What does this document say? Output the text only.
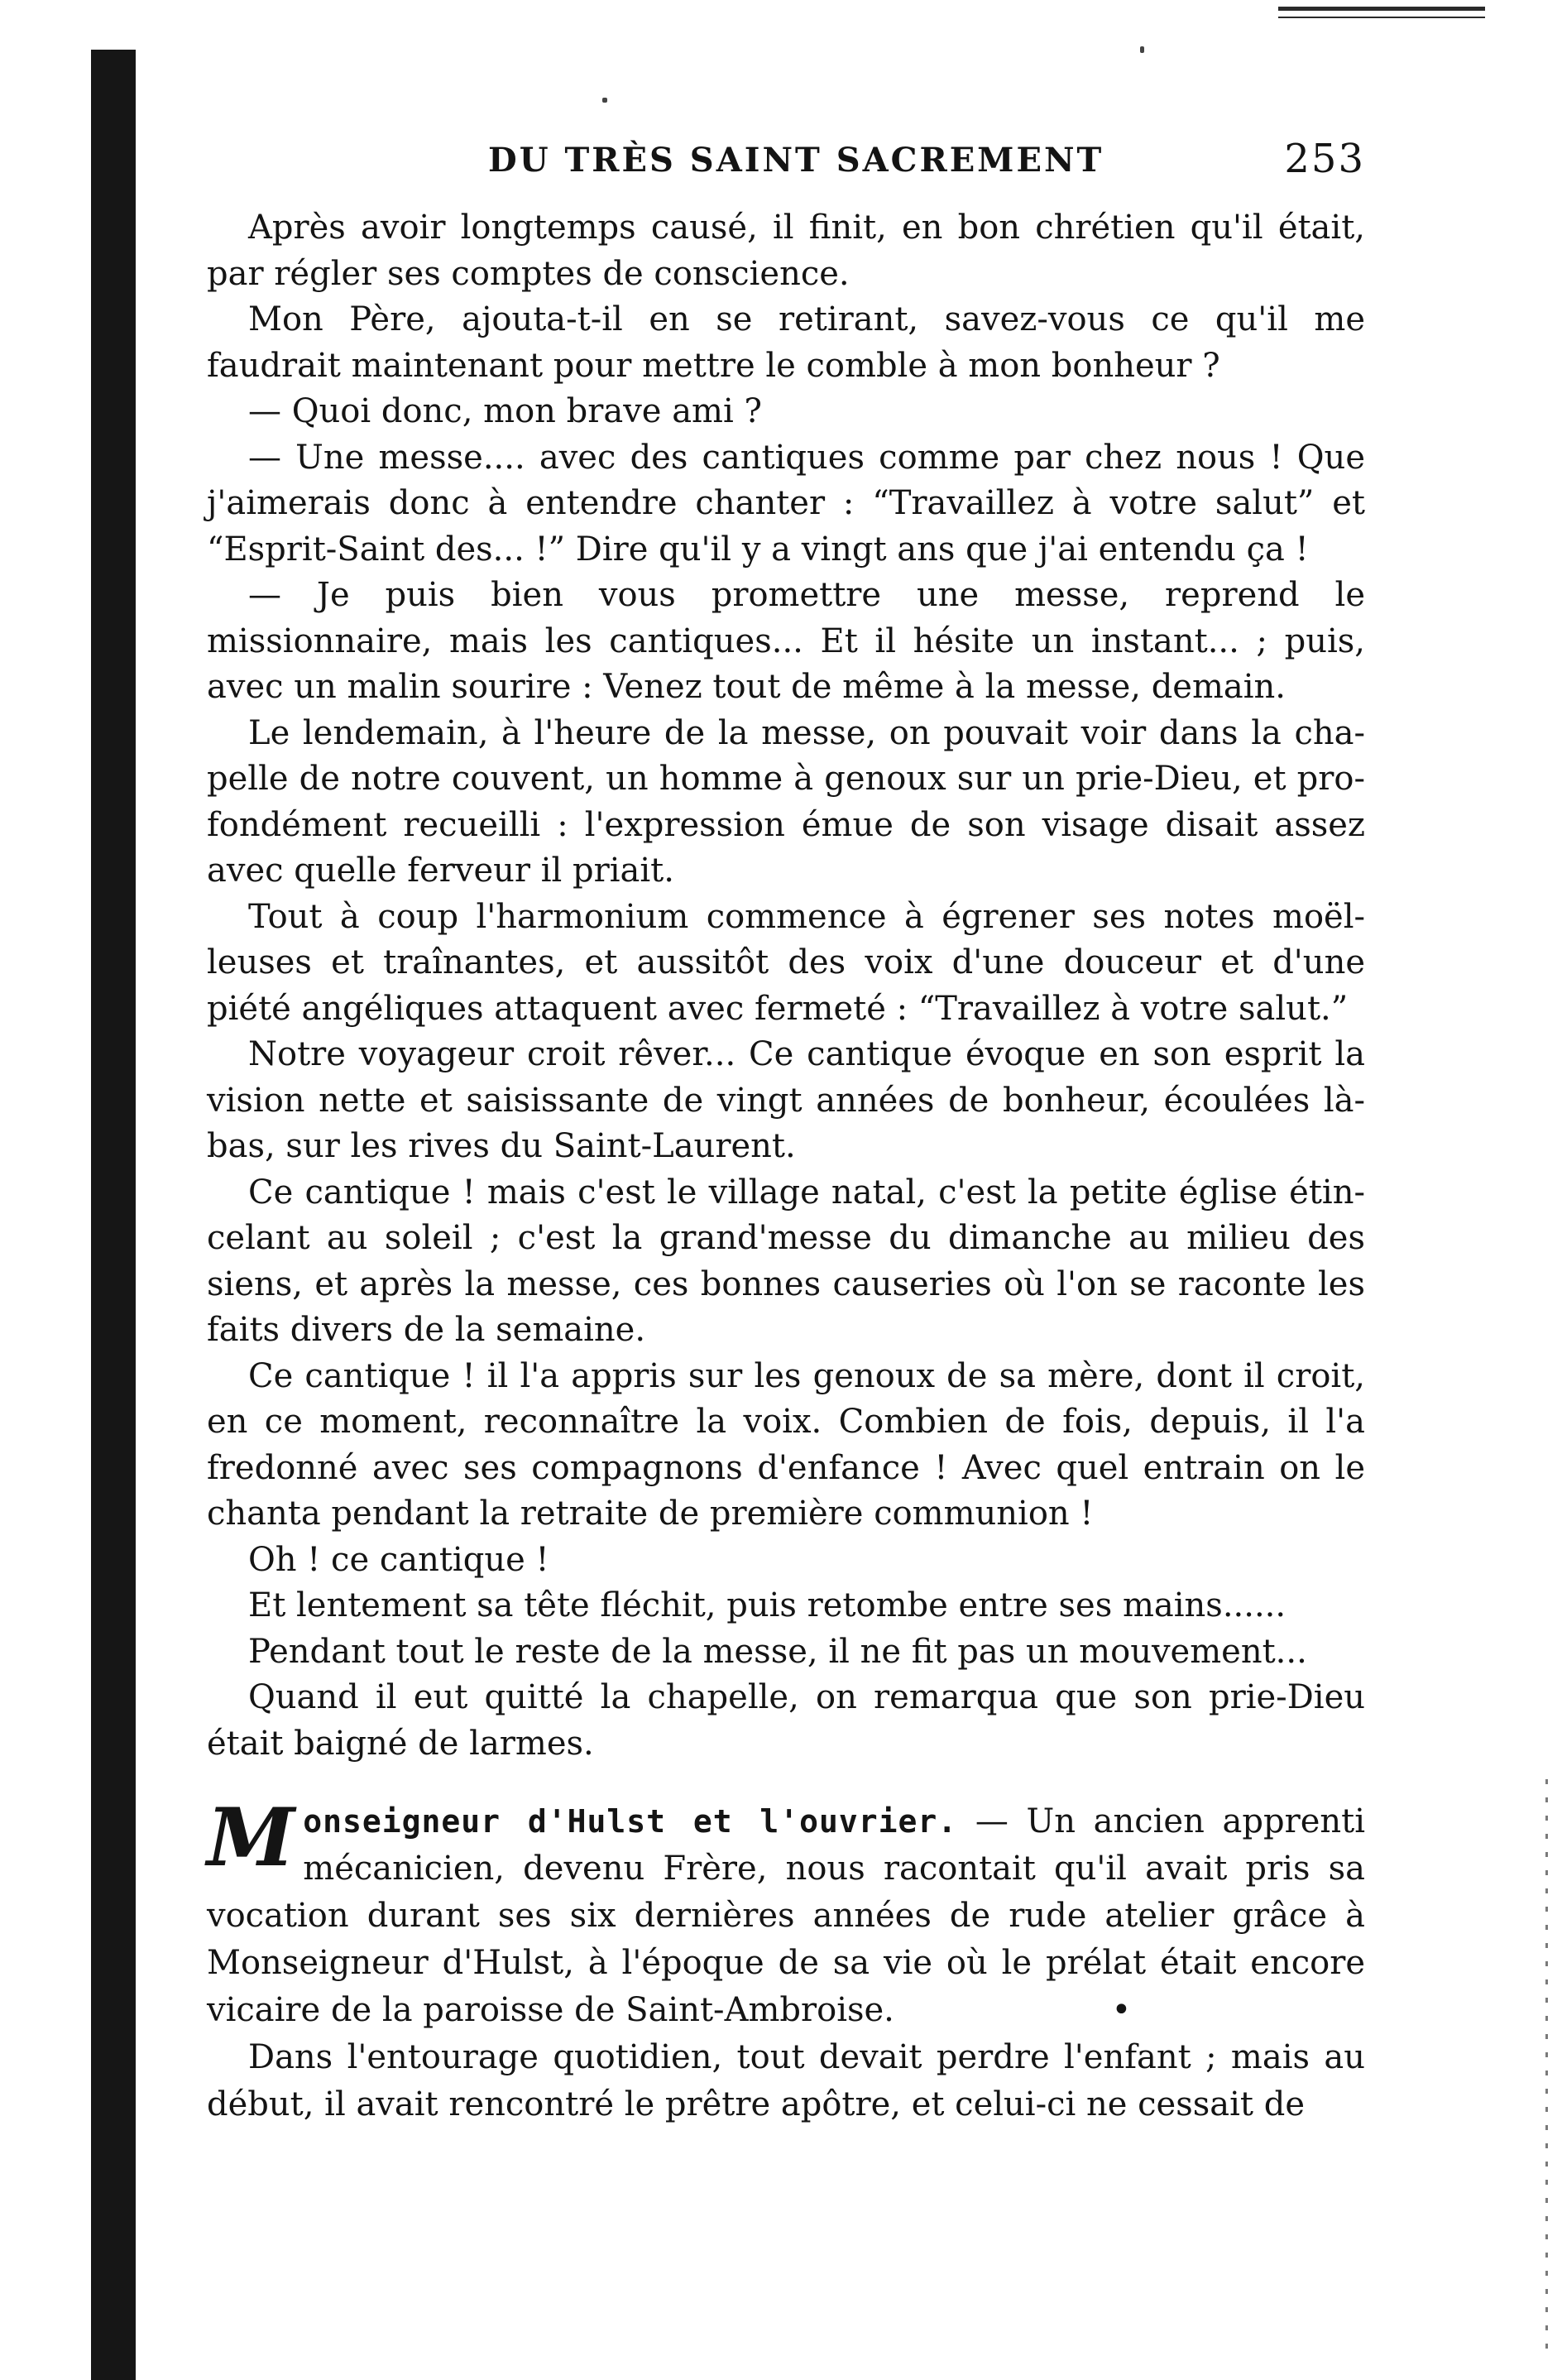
DU TRÈS SAINT SACREMENT	253

Après avoir longtemps causé, il finit, en bon chrétien qu'il était, par régler ses comptes de conscience.

Mon Père, ajouta-t-il en se retirant, savez-vous ce qu'il me faudrait maintenant pour mettre le comble à mon bonheur ?

— Quoi donc, mon brave ami ?

— Une messe.... avec des cantiques comme par chez nous ! Que j'aimerais donc à entendre chanter : “Travaillez à votre salut” et “Esprit-Saint des... !” Dire qu'il y a vingt ans que j'ai entendu ça !

— Je puis bien vous promettre une messe, reprend le missionnaire, mais les cantiques... Et il hésite un instant... ; puis, avec un malin sourire : Venez tout de même à la messe, demain.

Le lendemain, à l'heure de la messe, on pouvait voir dans la chapelle de notre couvent, un homme à genoux sur un prie-Dieu, et profondément recueilli : l'expression émue de son visage disait assez avec quelle ferveur il priait.

Tout à coup l'harmonium commence à égrener ses notes moëlleuses et traînantes, et aussitôt des voix d'une douceur et d'une piété angéliques attaquent avec fermeté : “Travaillez à votre salut.”

Notre voyageur croit rêver... Ce cantique évoque en son esprit la vision nette et saisissante de vingt années de bonheur, écoulées là-bas, sur les rives du Saint-Laurent.

Ce cantique ! mais c'est le village natal, c'est la petite église étincelant au soleil ; c'est la grand'messe du dimanche au milieu des siens, et après la messe, ces bonnes causeries où l'on se raconte les faits divers de la semaine.

Ce cantique ! il l'a appris sur les genoux de sa mère, dont il croit, en ce moment, reconnaître la voix. Combien de fois, depuis, il l'a fredonné avec ses compagnons d'enfance ! Avec quel entrain on le chanta pendant la retraite de première communion !

Oh ! ce cantique !

Et lentement sa tête fléchit, puis retombe entre ses mains......

Pendant tout le reste de la messe, il ne fit pas un mouvement...

Quand il eut quitté la chapelle, on remarqua que son prie-Dieu était baigné de larmes.

Monseigneur d'Hulst et l'ouvrier. — Un ancien apprenti mécanicien, devenu Frère, nous racontait qu'il avait pris sa vocation durant ses six dernières années de rude atelier grâce à Monseigneur d'Hulst, à l'époque de sa vie où le prélat était encore vicaire de la paroisse de Saint-Ambroise.	•

Dans l'entourage quotidien, tout devait perdre l'enfant ; mais au début, il avait rencontré le prêtre apôtre, et celui-ci ne cessait de
